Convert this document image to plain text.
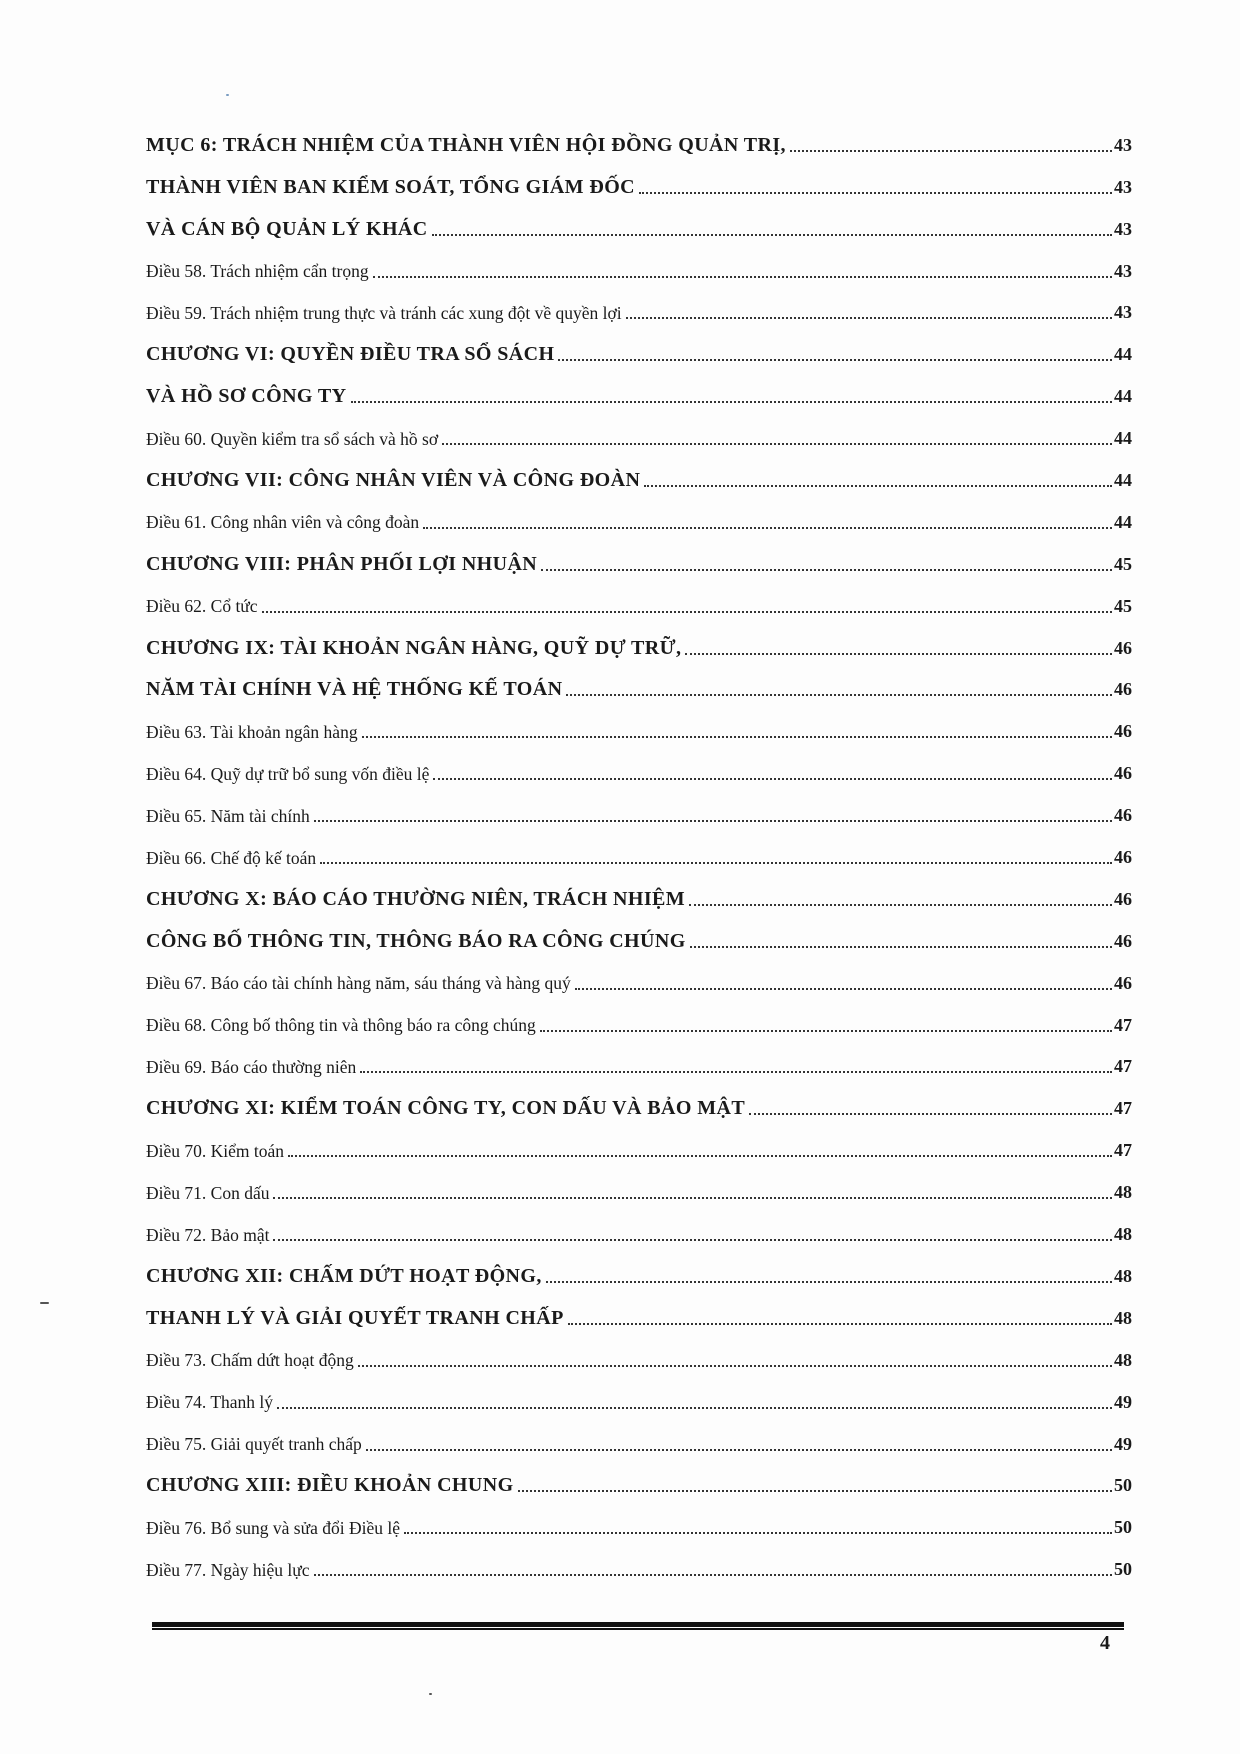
MỤC 6: TRÁCH NHIỆM CỦA THÀNH VIÊN HỘI ĐỒNG QUẢN TRỊ,	43
THÀNH VIÊN BAN KIỂM SOÁT, TỔNG GIÁM ĐỐC	43
VÀ CÁN BỘ QUẢN LÝ KHÁC	43
Điều 58. Trách nhiệm cẩn trọng	43
Điều 59. Trách nhiệm trung thực và tránh các xung đột về quyền lợi	43
CHƯƠNG VI: QUYỀN ĐIỀU TRA SỔ SÁCH	44
VÀ HỒ SƠ CÔNG TY	44
Điều 60. Quyền kiểm tra sổ sách và hồ sơ	44
CHƯƠNG VII: CÔNG NHÂN VIÊN VÀ CÔNG ĐOÀN	44
Điều 61. Công nhân viên và công đoàn	44
CHƯƠNG VIII: PHÂN PHỐI LỢI NHUẬN	45
Điều 62. Cổ tức	45
CHƯƠNG IX: TÀI KHOẢN NGÂN HÀNG, QUỸ DỰ TRỮ,	46
NĂM TÀI CHÍNH VÀ HỆ THỐNG KẾ TOÁN	46
Điều 63. Tài khoản ngân hàng	46
Điều 64. Quỹ dự trữ bổ sung vốn điều lệ	46
Điều 65. Năm tài chính	46
Điều 66. Chế độ kế toán	46
CHƯƠNG X: BÁO CÁO THƯỜNG NIÊN, TRÁCH NHIỆM	46
CÔNG BỐ THÔNG TIN, THÔNG BÁO RA CÔNG CHÚNG	46
Điều 67. Báo cáo tài chính hàng năm, sáu tháng và hàng quý	46
Điều 68. Công bố thông tin và thông báo ra công chúng	47
Điều 69. Báo cáo thường niên	47
CHƯƠNG XI: KIỂM TOÁN CÔNG TY, CON DẤU VÀ BẢO MẬT	47
Điều 70. Kiểm toán	47
Điều 71. Con dấu	48
Điều 72. Bảo mật	48
CHƯƠNG XII: CHẤM DỨT HOẠT ĐỘNG,	48
THANH LÝ VÀ GIẢI QUYẾT TRANH CHẤP	48
Điều 73. Chấm dứt hoạt động	48
Điều 74. Thanh lý	49
Điều 75. Giải quyết tranh chấp	49
CHƯƠNG XIII: ĐIỀU KHOẢN CHUNG	50
Điều 76. Bổ sung và sửa đổi Điều lệ	50
Điều 77. Ngày hiệu lực	50
4
